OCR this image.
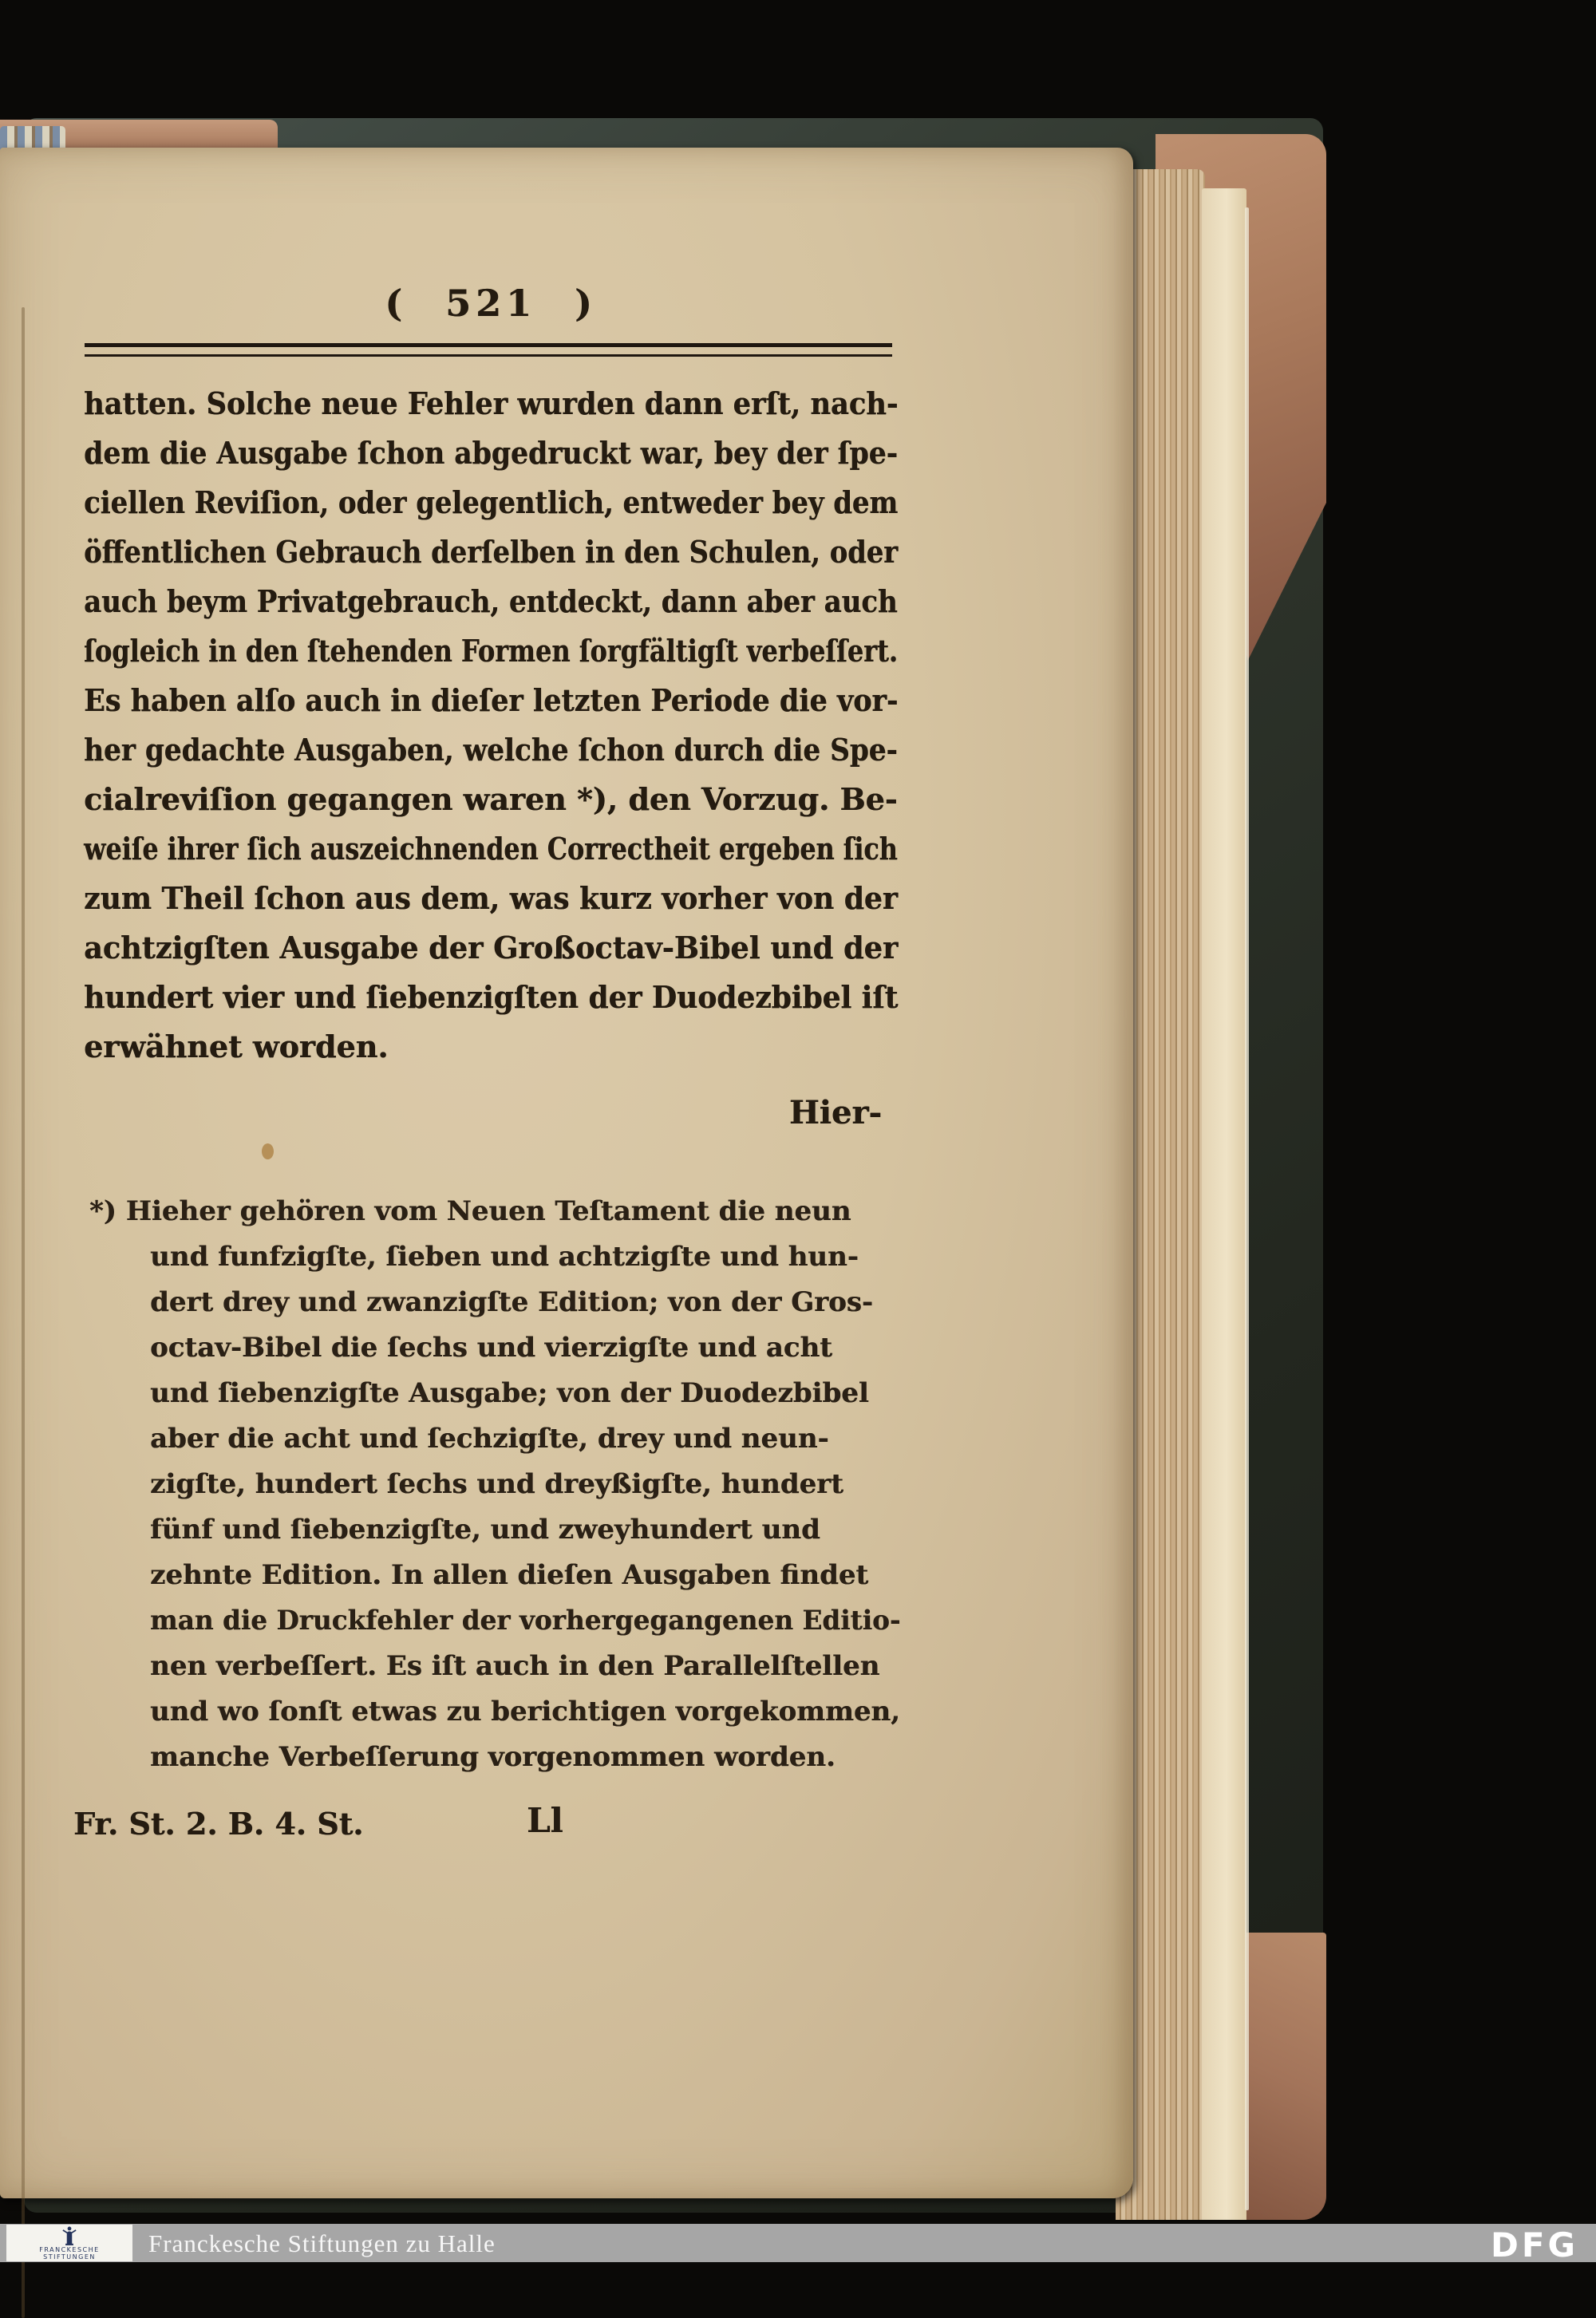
( 521 )
hatten. Solche neue Fehler wurden dann erſt, nach-
dem die Ausgabe ſchon abgedruckt war, bey der ſpe-
ciellen Reviſion, oder gelegentlich, entweder bey dem
öffentlichen Gebrauch derſelben in den Schulen, oder
auch beym Privatgebrauch, entdeckt, dann aber auch
ſogleich in den ſtehenden Formen ſorgfältigſt verbeſſert.
Es haben alſo auch in dieſer letzten Periode die vor-
her gedachte Ausgaben, welche ſchon durch die Spe-
cialreviſion gegangen waren *), den Vorzug. Be-
weiſe ihrer ſich auszeichnenden Correctheit ergeben ſich
zum Theil ſchon aus dem, was kurz vorher von der
achtzigſten Ausgabe der Großoctav-Bibel und der
hundert vier und ſiebenzigſten der Duodezbibel iſt
erwähnet worden.
Hier-
*) Hieher gehören vom Neuen Teſtament die neun
und funfzigſte, ſieben und achtzigſte und hun-
dert drey und zwanzigſte Edition; von der Gros-
octav-Bibel die ſechs und vierzigſte und acht
und ſiebenzigſte Ausgabe; von der Duodezbibel
aber die acht und ſechzigſte, drey und neun-
zigſte, hundert ſechs und dreyßigſte, hundert
fünf und ſiebenzigſte, und zweyhundert und
zehnte Edition. In allen dieſen Ausgaben findet
man die Druckfehler der vorhergegangenen Editio-
nen verbeſſert. Es iſt auch in den Parallelſtellen
und wo ſonſt etwas zu berichtigen vorgekommen,
manche Verbeſſerung vorgenommen worden.
Fr. St. 2. B. 4. St.	Ll
FRANCKESCHE
STIFTUNGEN	Franckesche Stiftungen zu Halle	DFG
